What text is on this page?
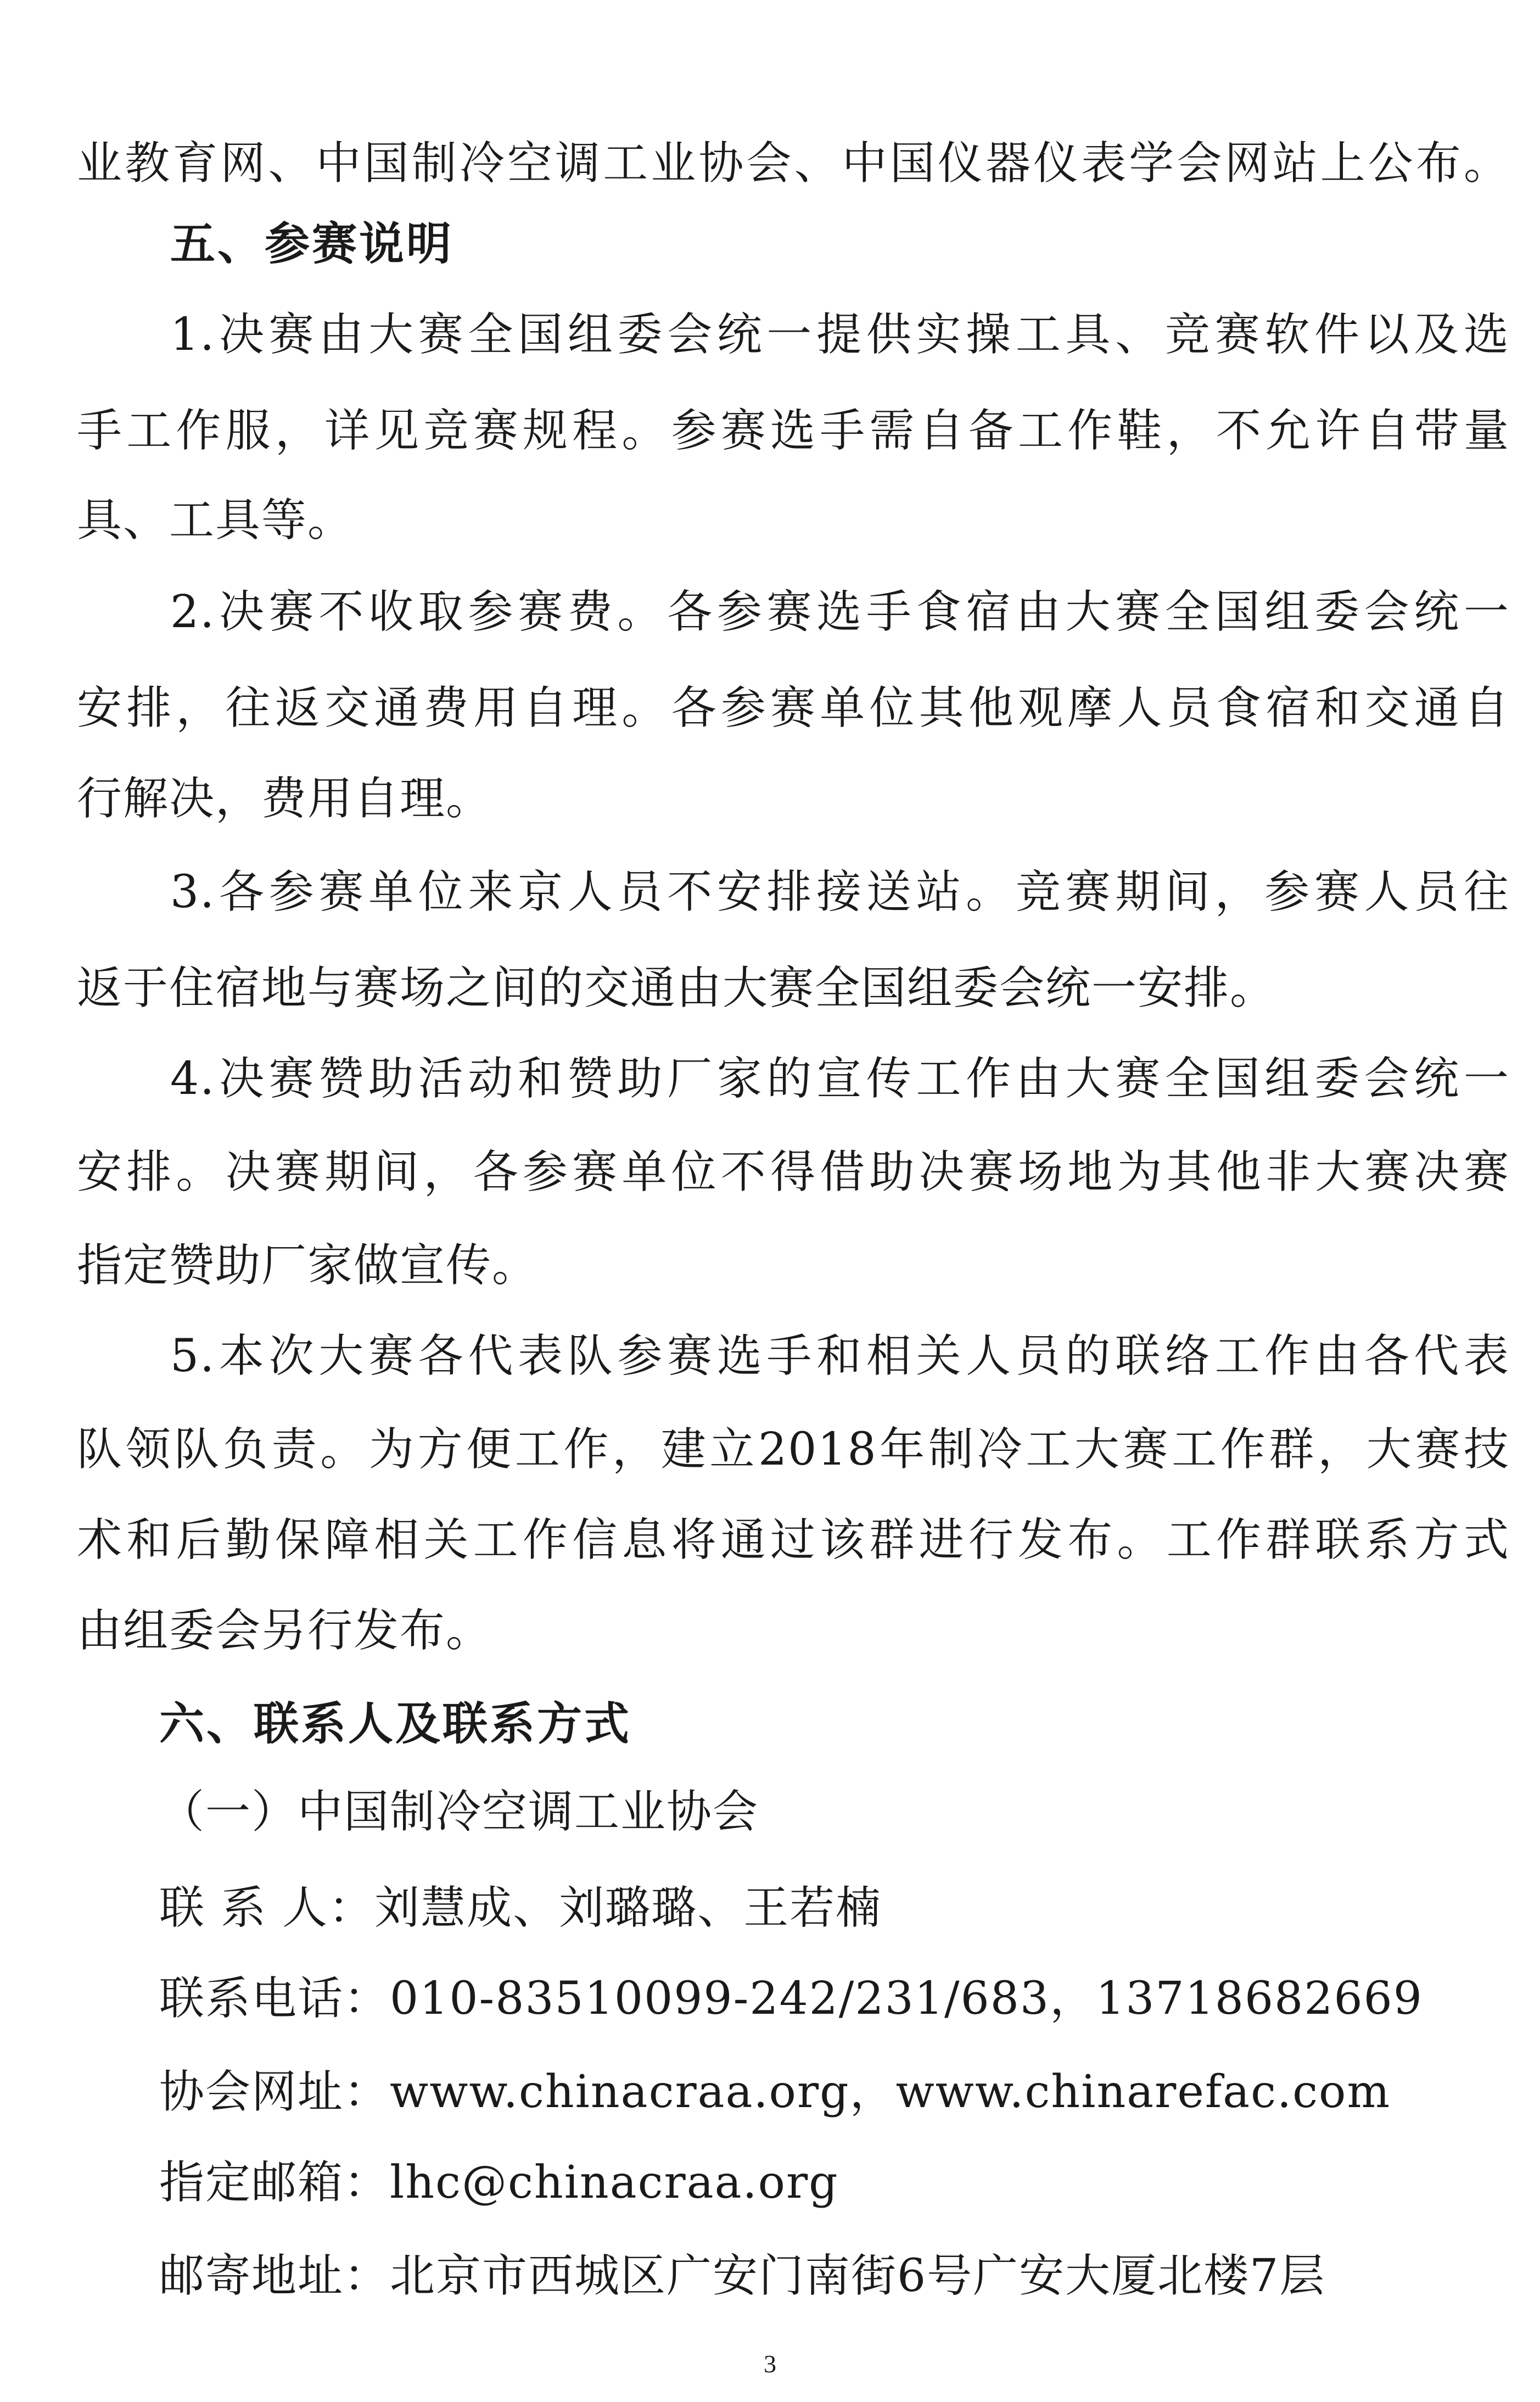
业教育网、中国制冷空调工业协会、中国仪器仪表学会网站上公布。
五、参赛说明
1.决赛由大赛全国组委会统一提供实操工具、竞赛软件以及选
手工作服，详见竞赛规程。参赛选手需自备工作鞋，不允许自带量
具、工具等。
2.决赛不收取参赛费。各参赛选手食宿由大赛全国组委会统一
安排，往返交通费用自理。各参赛单位其他观摩人员食宿和交通自
行解决，费用自理。
3.各参赛单位来京人员不安排接送站。竞赛期间，参赛人员往
返于住宿地与赛场之间的交通由大赛全国组委会统一安排。
4.决赛赞助活动和赞助厂家的宣传工作由大赛全国组委会统一
安排。决赛期间，各参赛单位不得借助决赛场地为其他非大赛决赛
指定赞助厂家做宣传。
5.本次大赛各代表队参赛选手和相关人员的联络工作由各代表
队领队负责。为方便工作，建立2018年制冷工大赛工作群，大赛技
术和后勤保障相关工作信息将通过该群进行发布。工作群联系方式
由组委会另行发布。
六、联系人及联系方式
（一）中国制冷空调工业协会
联 系 人：刘慧成、刘璐璐、王若楠
联系电话：010-83510099-242/231/683，13718682669
协会网址：www.chinacraa.org，www.chinarefac.com
指定邮箱：lhc@chinacraa.org
邮寄地址：北京市西城区广安门南街6号广安大厦北楼7层
3
